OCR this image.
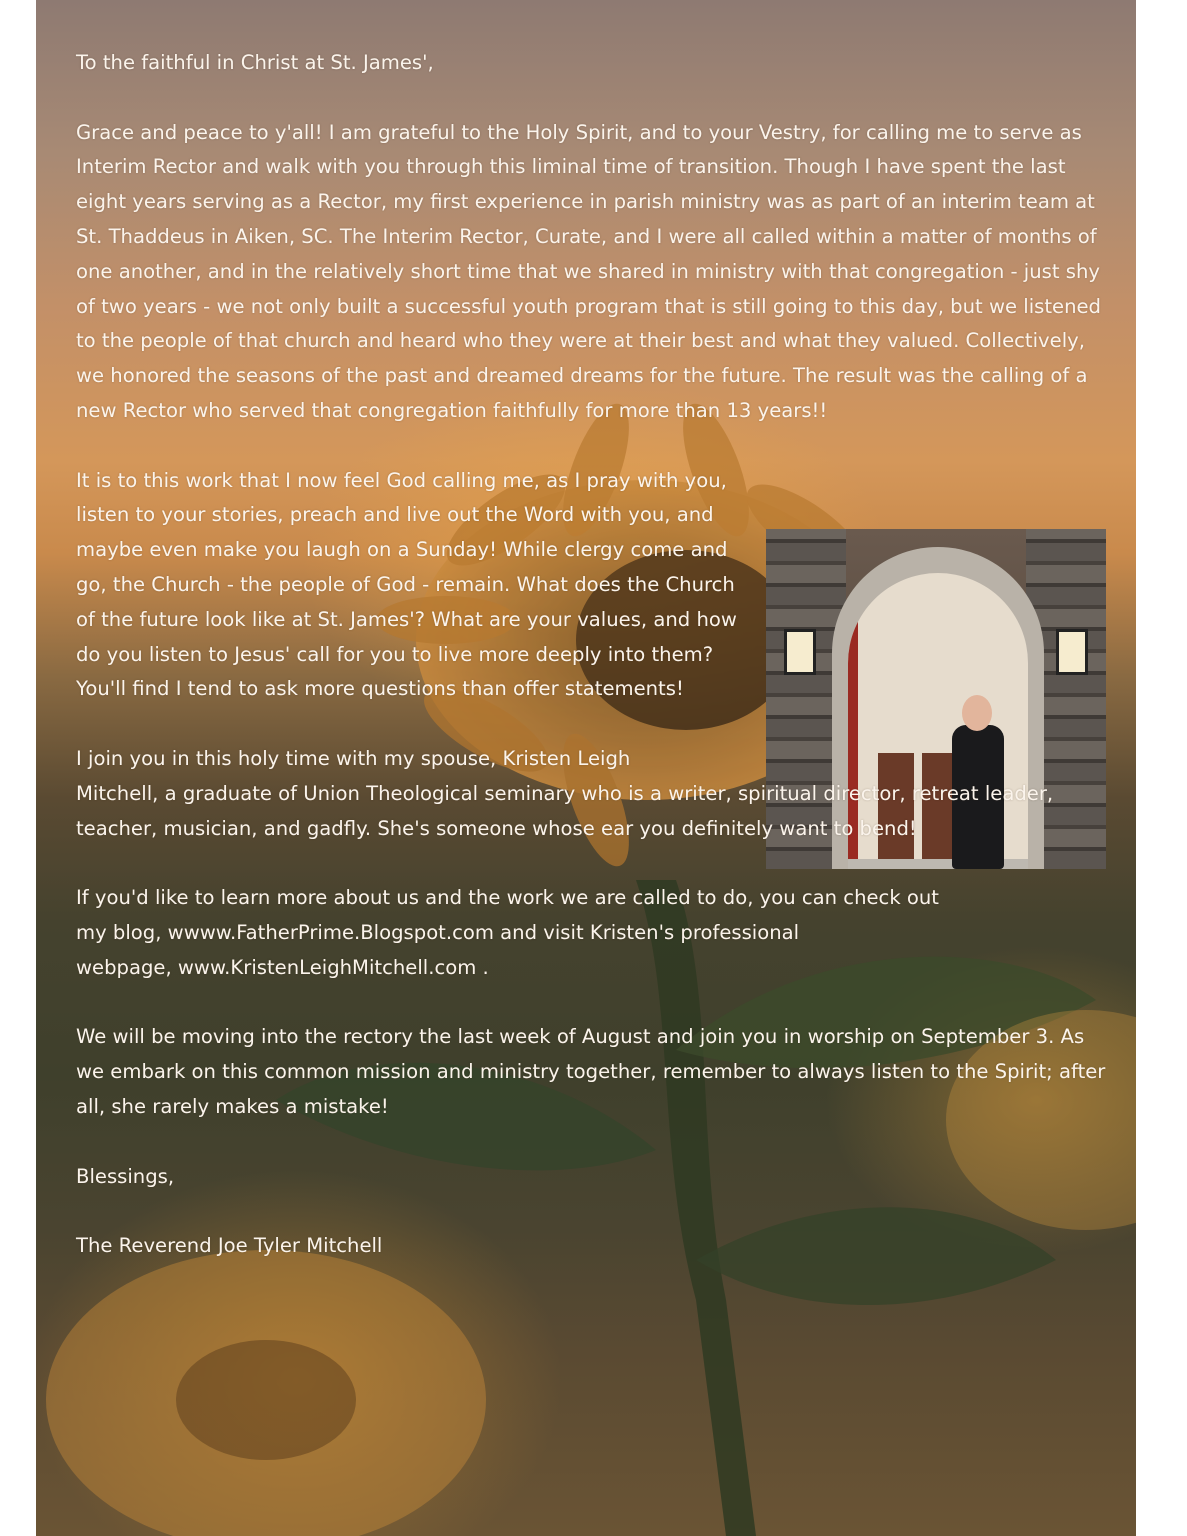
To the faithful in Christ at St. James',

Grace and peace to y'all! I am grateful to the Holy Spirit, and to your Vestry, for calling me to serve as Interim Rector and walk with you through this liminal time of transition. Though I have spent the last eight years serving as a Rector, my first experience in parish ministry was as part of an interim team at St. Thaddeus in Aiken, SC. The Interim Rector, Curate, and I were all called within a matter of months of one another, and in the relatively short time that we shared in ministry with that congregation - just shy of two years - we not only built a successful youth program that is still going to this day, but we listened to the people of that church and heard who they were at their best and what they valued. Collectively, we honored the seasons of the past and dreamed dreams for the future. The result was the calling of a new Rector who served that congregation faithfully for more than 13 years!!

It is to this work that I now feel God calling me, as I pray with you, listen to your stories, preach and live out the Word with you, and maybe even make you laugh on a Sunday! While clergy come and go, the Church - the people of God - remain. What does the Church of the future look like at St. James'? What are your values, and how do you listen to Jesus' call for you to live more deeply into them? You'll find I tend to ask more questions than offer statements!

I join you in this holy time with my spouse, Kristen Leigh
Mitchell, a graduate of Union Theological seminary who is a writer, spiritual director, retreat leader, teacher, musician, and gadfly. She's someone whose ear you definitely want to bend!

If you'd like to learn more about us and the work we are called to do, you can check out
my blog, wwww.FatherPrime.Blogspot.com and visit Kristen's professional
webpage, www.KristenLeighMitchell.com .

We will be moving into the rectory the last week of August and join you in worship on September 3. As we embark on this common mission and ministry together, remember to always listen to the Spirit; after all, she rarely makes a mistake!

Blessings,

The Reverend Joe Tyler Mitchell
